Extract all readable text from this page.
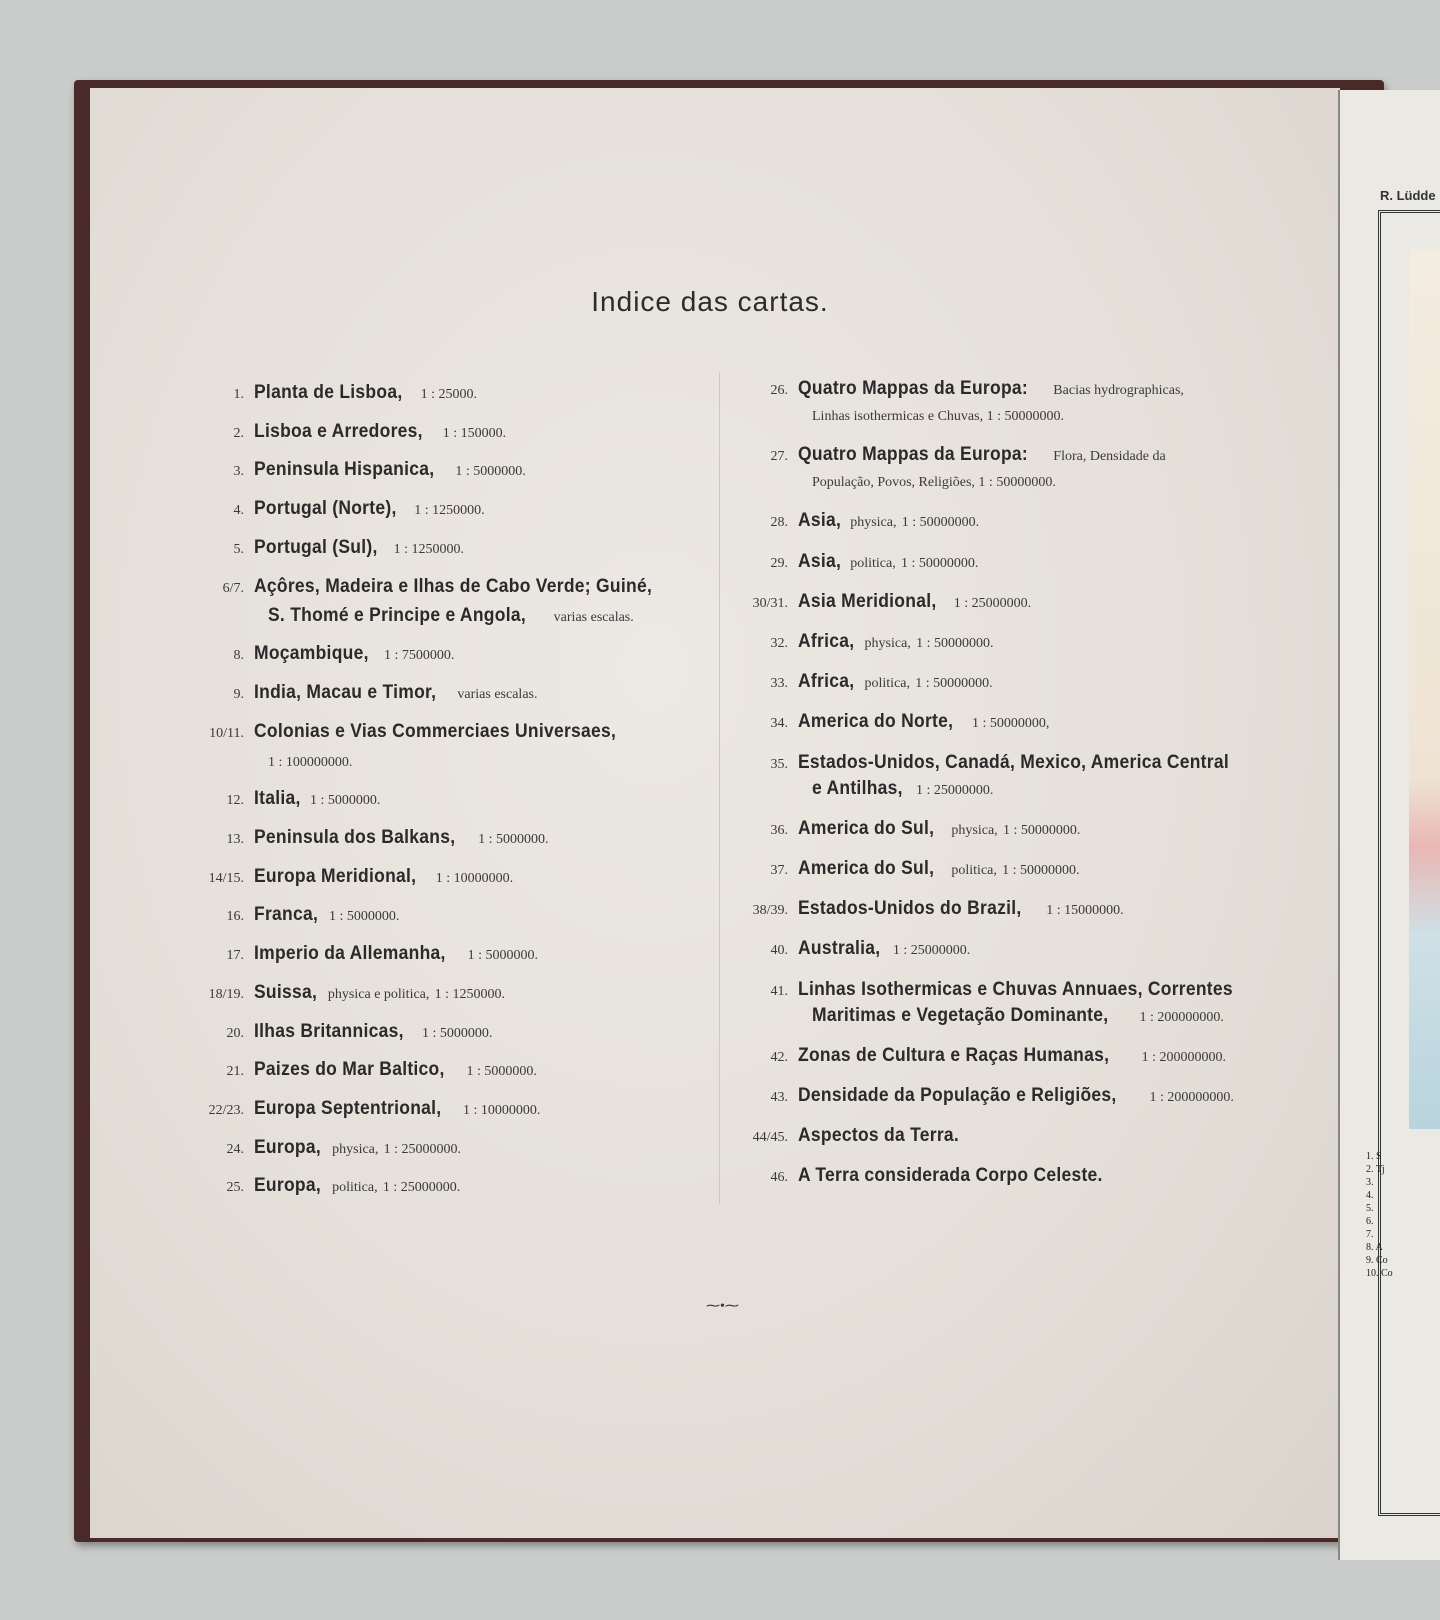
R. Lüdde
1. S
2. Tj
3.
4.
5.
6.
7.
8. A
9. Co
10. Co
Indice das cartas.
1. Planta de Lisboa, 1 : 25000.
2. Lisboa e Arredores, 1 : 150000.
3. Peninsula Hispanica, 1 : 5000000.
4. Portugal (Norte), 1 : 1250000.
5. Portugal (Sul), 1 : 1250000.
6/7. Açôres, Madeira e Ilhas de Cabo Verde; Guiné,
S. Thomé e Principe e Angola, varias escalas.
8. Moçambique, 1 : 7500000.
9. India, Macau e Timor, varias escalas.
10/11. Colonias e Vias Commerciaes Universaes,
1 : 100000000.
12. Italia, 1 : 5000000.
13. Peninsula dos Balkans, 1 : 5000000.
14/15. Europa Meridional, 1 : 10000000.
16. Franca, 1 : 5000000.
17. Imperio da Allemanha, 1 : 5000000.
18/19. Suissa, physica e politica, 1 : 1250000.
20. Ilhas Britannicas, 1 : 5000000.
21. Paizes do Mar Baltico, 1 : 5000000.
22/23. Europa Septentrional, 1 : 10000000.
24. Europa, physica, 1 : 25000000.
25. Europa, politica, 1 : 25000000.
26. Quatro Mappas da Europa: Bacias hydrographicas,
Linhas isothermicas e Chuvas, 1 : 50000000.
27. Quatro Mappas da Europa: Flora, Densidade da
População, Povos, Religiões, 1 : 50000000.
28. Asia, physica, 1 : 50000000.
29. Asia, politica, 1 : 50000000.
30/31. Asia Meridional, 1 : 25000000.
32. Africa, physica, 1 : 50000000.
33. Africa, politica, 1 : 50000000.
34. America do Norte, 1 : 50000000,
35. Estados-Unidos, Canadá, Mexico, America Central
e Antilhas, 1 : 25000000.
36. America do Sul, physica, 1 : 50000000.
37. America do Sul, politica, 1 : 50000000.
38/39. Estados-Unidos do Brazil, 1 : 15000000.
40. Australia, 1 : 25000000.
41. Linhas Isothermicas e Chuvas Annuaes, Correntes
Maritimas e Vegetação Dominante, 1 : 200000000.
42. Zonas de Cultura e Raças Humanas, 1 : 200000000.
43. Densidade da População e Religiões, 1 : 200000000.
44/45. Aspectos da Terra.
46. A Terra considerada Corpo Celeste.
⁓•⁓
